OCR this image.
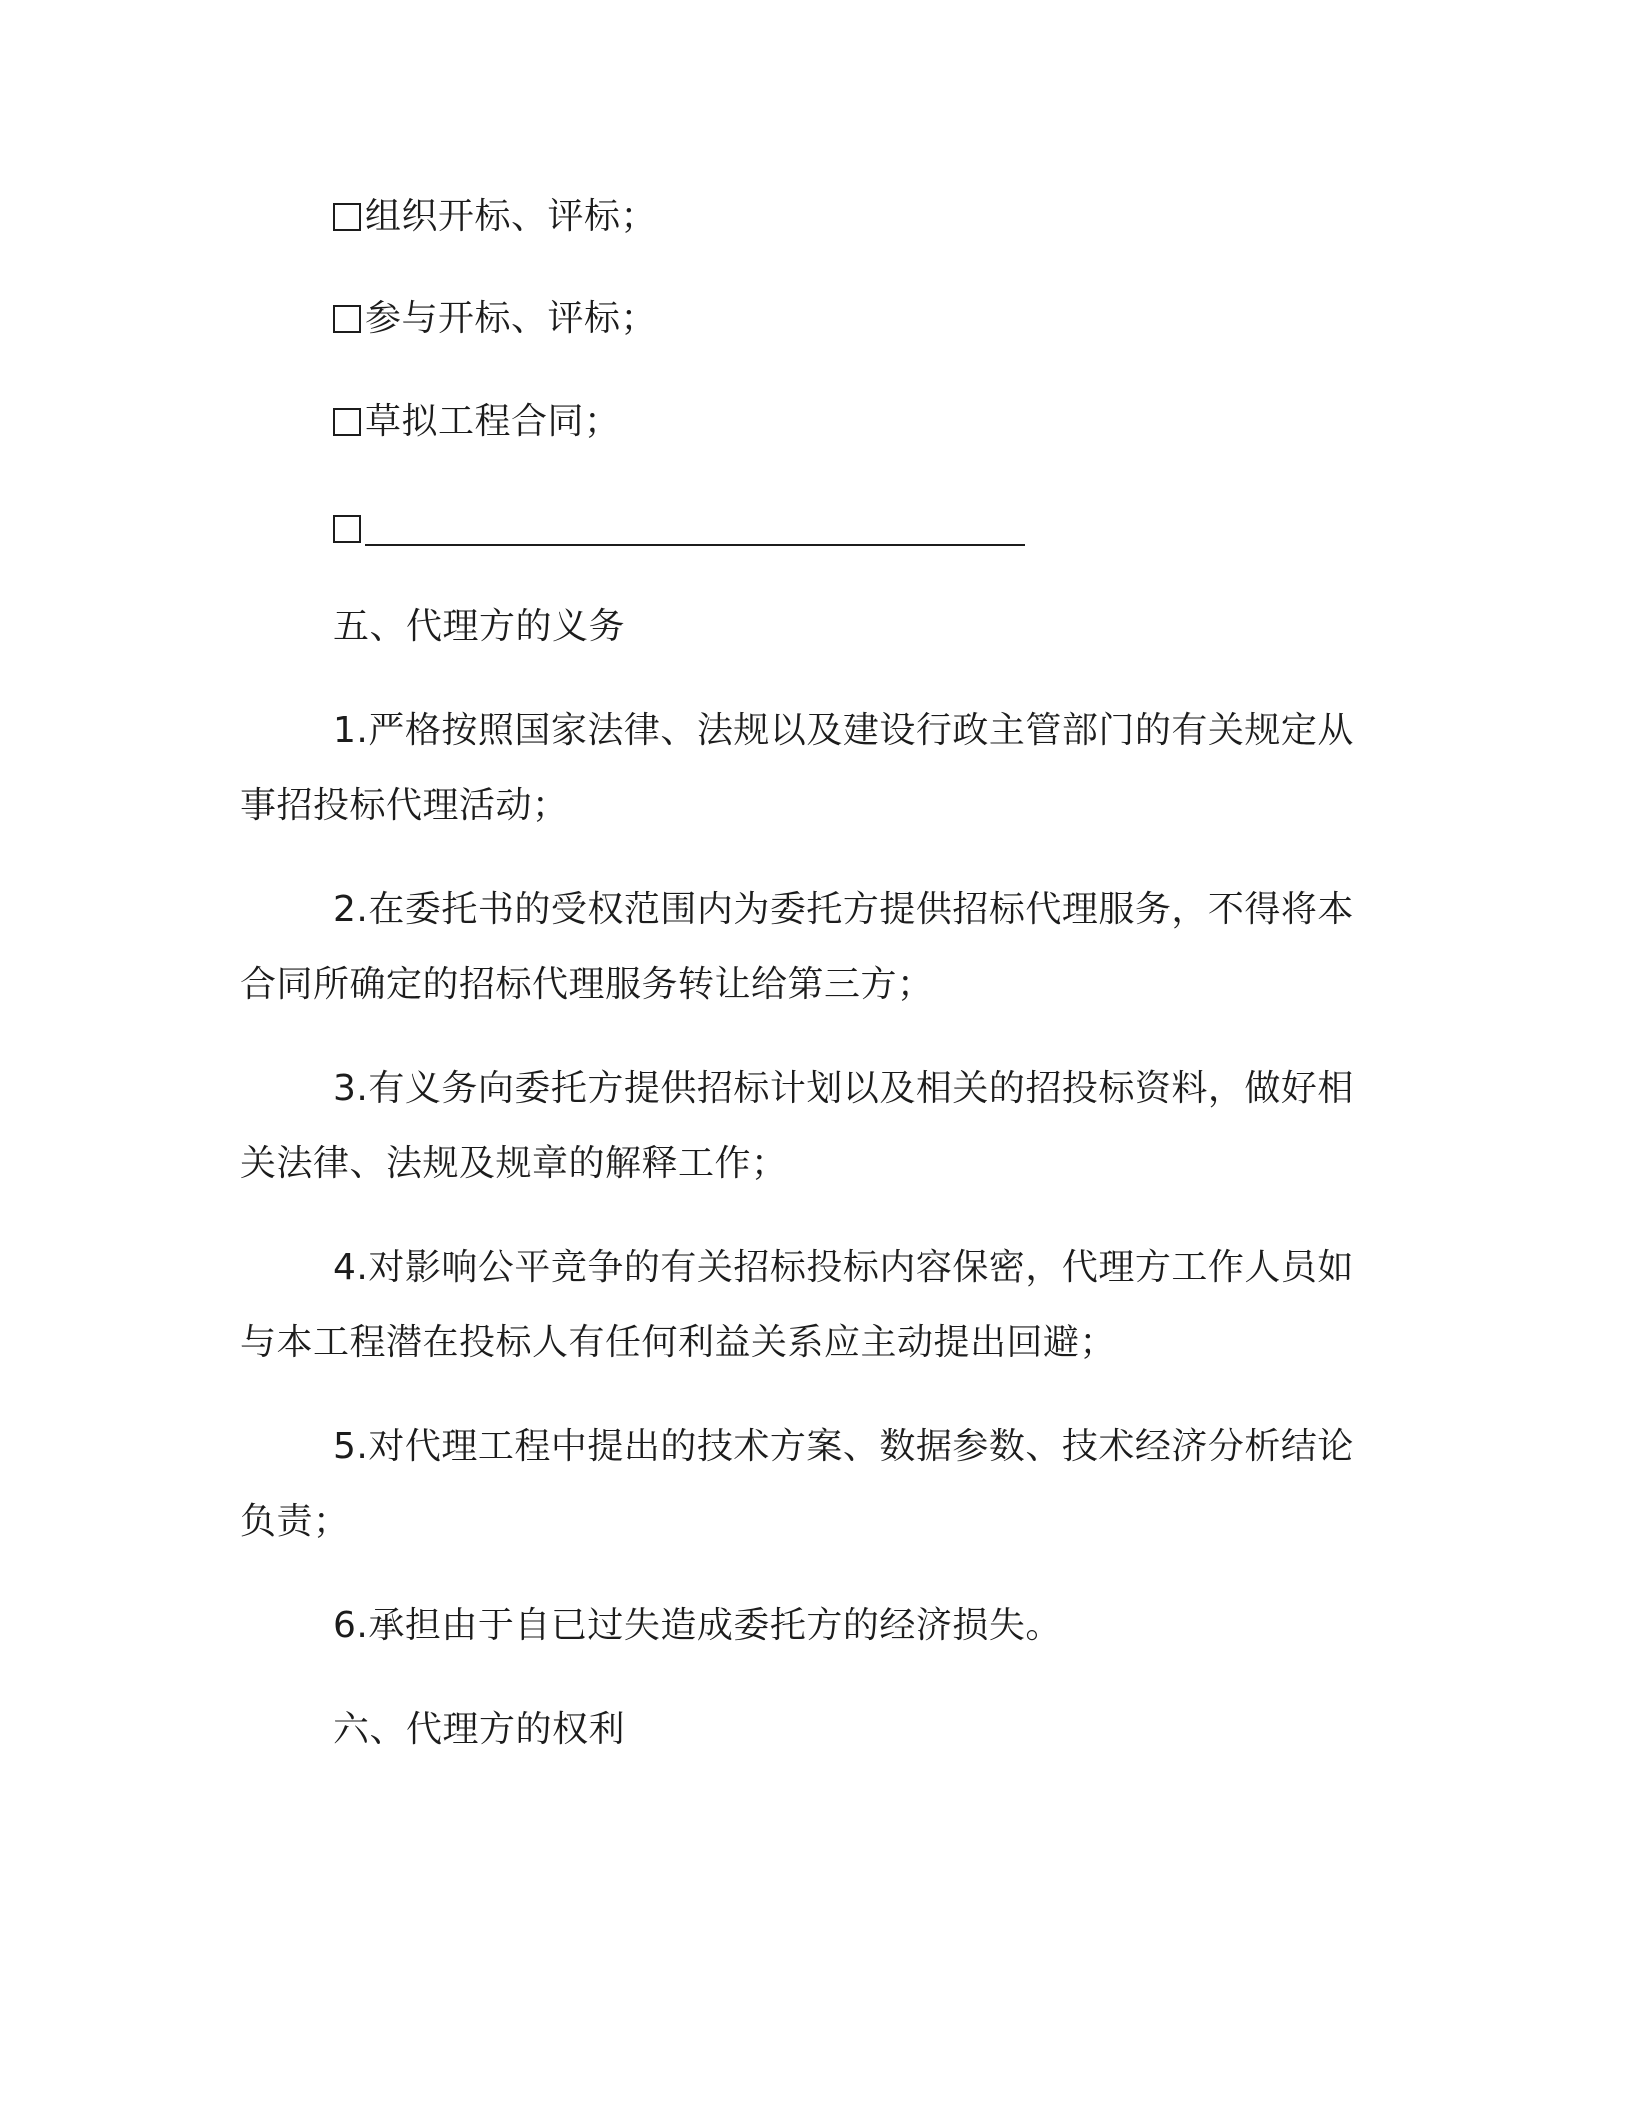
组织开标、评标；
参与开标、评标；
草拟工程合同；
五、代理方的义务
1.严格按照国家法律、法规以及建设行政主管部门的有关规定从
事招投标代理活动；
2.在委托书的受权范围内为委托方提供招标代理服务，不得将本
合同所确定的招标代理服务转让给第三方；
3.有义务向委托方提供招标计划以及相关的招投标资料，做好相
关法律、法规及规章的解释工作；
4.对影响公平竞争的有关招标投标内容保密，代理方工作人员如
与本工程潜在投标人有任何利益关系应主动提出回避；
5.对代理工程中提出的技术方案、数据参数、技术经济分析结论
负责；
6.承担由于自已过失造成委托方的经济损失。
六、代理方的权利
